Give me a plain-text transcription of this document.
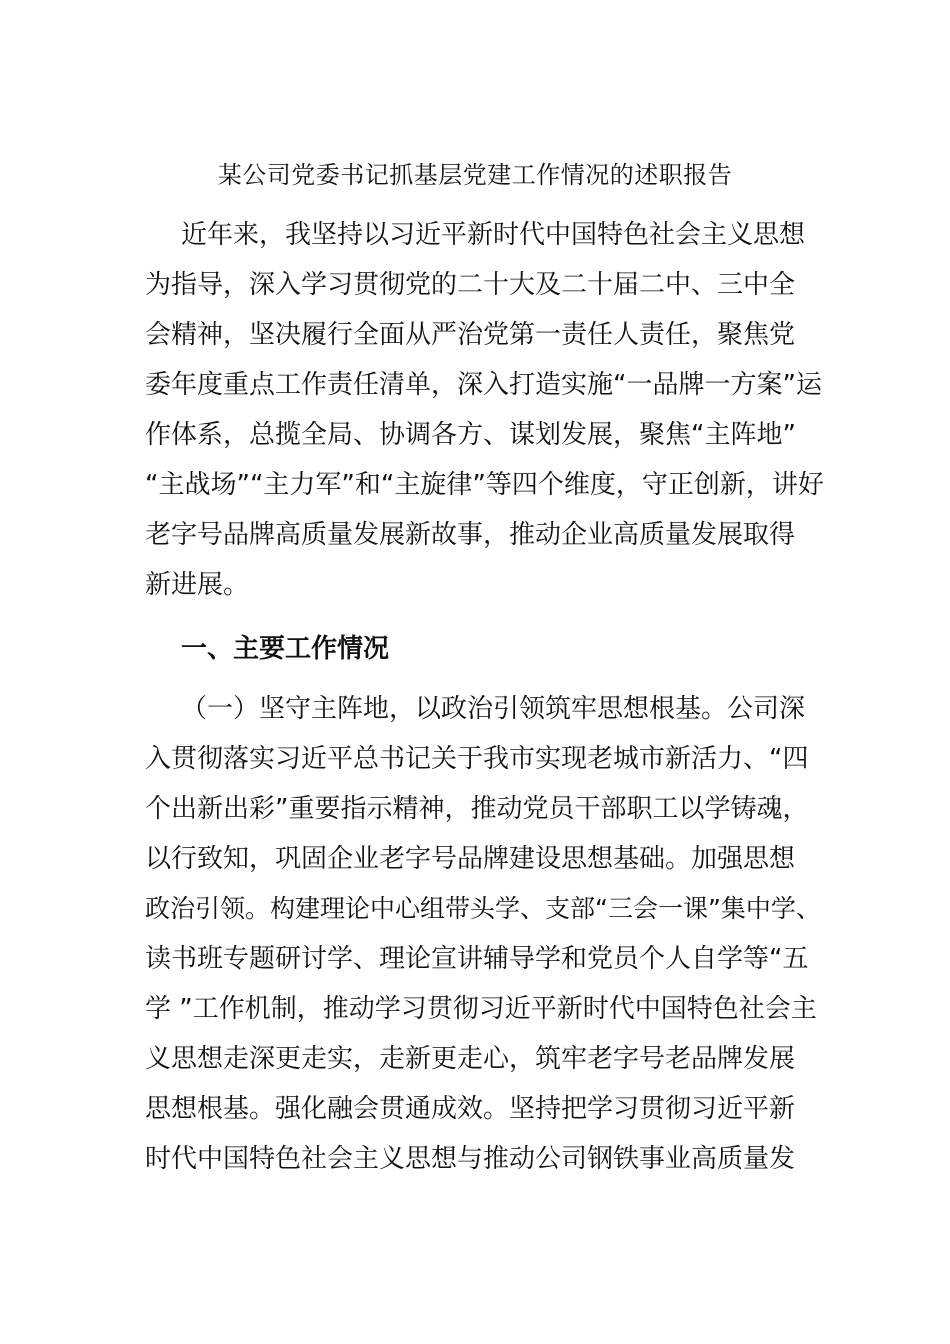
某公司党委书记抓基层党建工作情况的述职报告
近年来，我坚持以习近平新时代中国特色社会主义思想
为指导，深入学习贯彻党的二十大及二十届二中、三中全
会精神，坚决履行全面从严治党第一责任人责任，聚焦党
委年度重点工作责任清单，深入打造实施“一品牌一方案”运
作体系，总揽全局、协调各方、谋划发展，聚焦“主阵地”
“主战场”“主力军”和“主旋律”等四个维度，守正创新，讲好
老字号品牌高质量发展新故事，推动企业高质量发展取得
新进展。
一、主要工作情况
（一）坚守主阵地，以政治引领筑牢思想根基。公司深
入贯彻落实习近平总书记关于我市实现老城市新活力、“四
个出新出彩”重要指示精神，推动党员干部职工以学铸魂，
以行致知，巩固企业老字号品牌建设思想基础。加强思想
政治引领。构建理论中心组带头学、支部“三会一课”集中学、
读书班专题研讨学、理论宣讲辅导学和党员个人自学等“五
学 ”工作机制，推动学习贯彻习近平新时代中国特色社会主
义思想走深更走实，走新更走心，筑牢老字号老品牌发展
思想根基。强化融会贯通成效。坚持把学习贯彻习近平新
时代中国特色社会主义思想与推动公司钢铁事业高质量发
